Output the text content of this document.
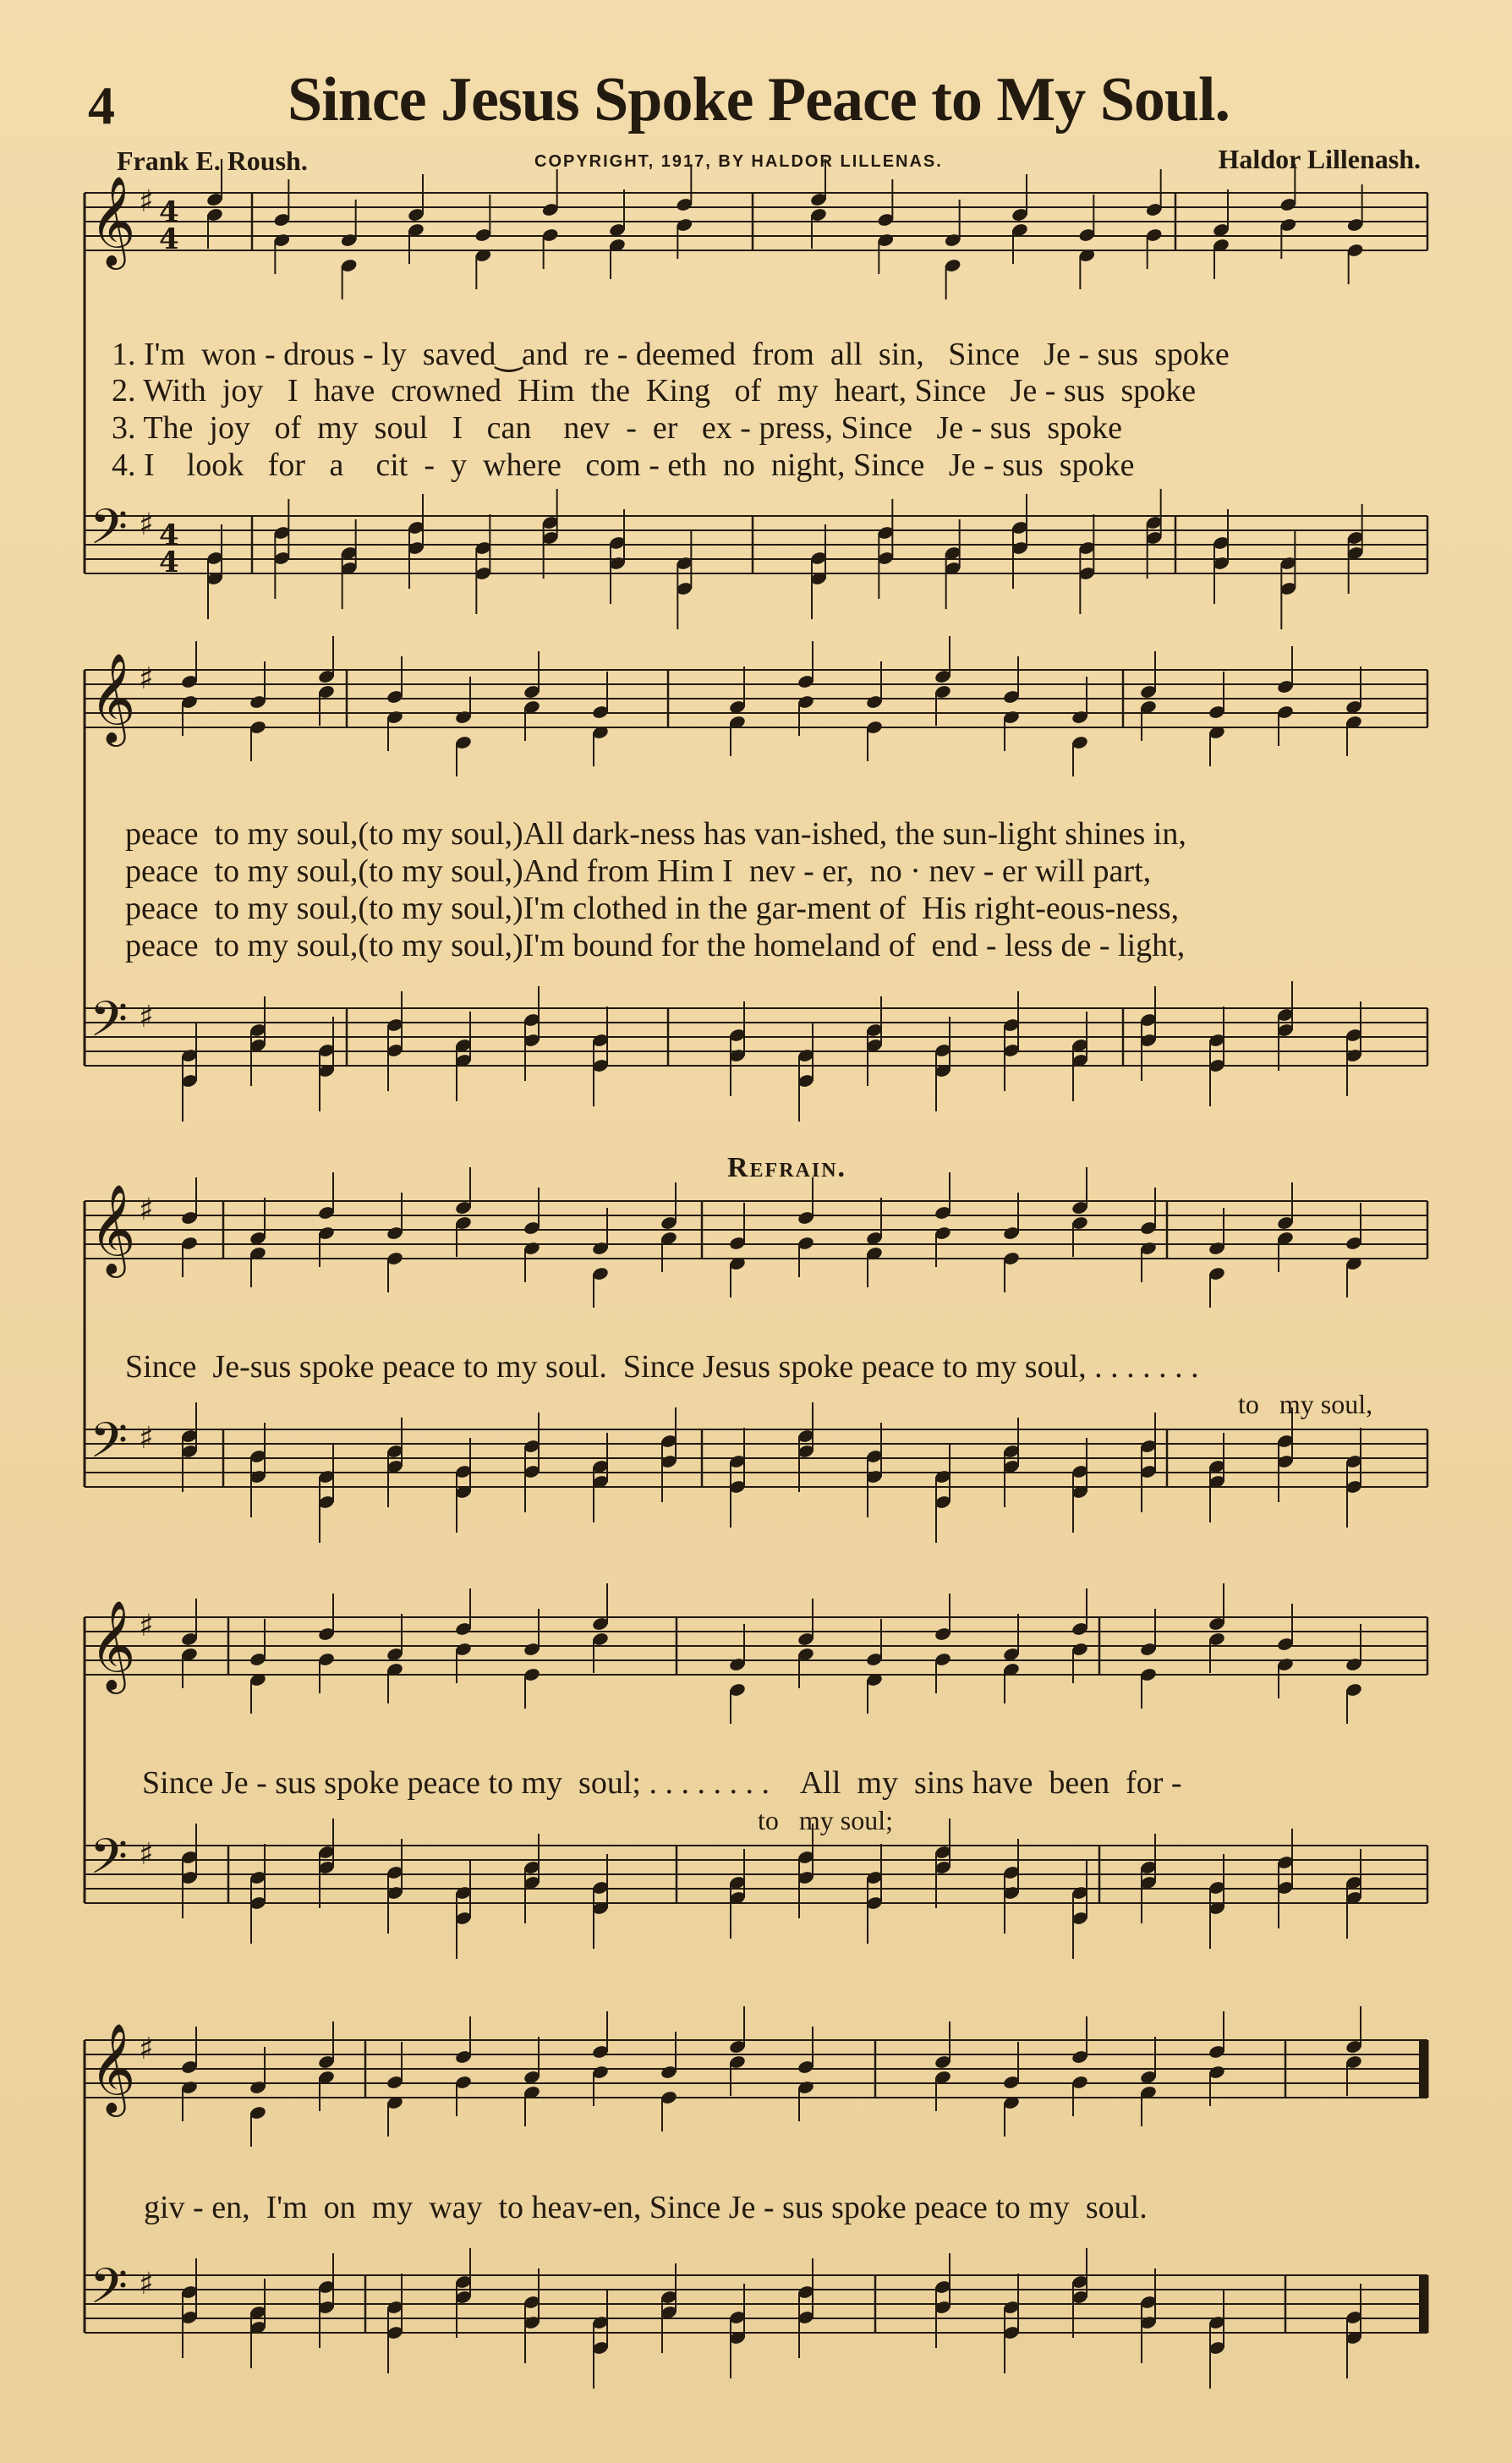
4	Since Jesus Spoke Peace to My Soul.
Frank E. Roush.	COPYRIGHT, 1917, BY HALDOR LILLENAS.	Haldor Lillenash.
𝄞 ♯ 4
4
𝄢 ♯ 4
4
𝄞 ♯
𝄢 ♯
𝄞 ♯
𝄢 ♯
𝄞 ♯
𝄢 ♯
𝄞 ♯
𝄢 ♯
1. I'm  won - drous - ly  saved‿and  re - deemed  from  all  sin,   Since   Je - sus  spoke
2. With  joy   I  have  crowned  Him  the  King   of  my  heart, Since   Je - sus  spoke
3. The  joy   of  my  soul   I   can    nev  -  er   ex - press, Since   Je - sus  spoke
4. I    look   for   a    cit  -  y  where   com - eth  no  night, Since   Je - sus  spoke
peace  to my soul,(to my soul,)All dark-ness has van-ished, the sun-light shines in,
peace  to my soul,(to my soul,)And from Him I  nev - er,  no · nev - er will part,
peace  to my soul,(to my soul,)I'm clothed in the gar-ment of  His right-eous-ness,
peace  to my soul,(to my soul,)I'm bound for the homeland of  end - less de - light,
Refrain.
Since  Je-sus spoke peace to my soul.  Since Jesus spoke peace to my soul, . . . . . . .
to   my soul,
Since Je - sus spoke peace to my  soul; . . . . . . . .    All  my  sins have  been  for -
to   my soul;
giv - en,  I'm  on  my  way  to heav-en, Since Je - sus spoke peace to my  soul.
